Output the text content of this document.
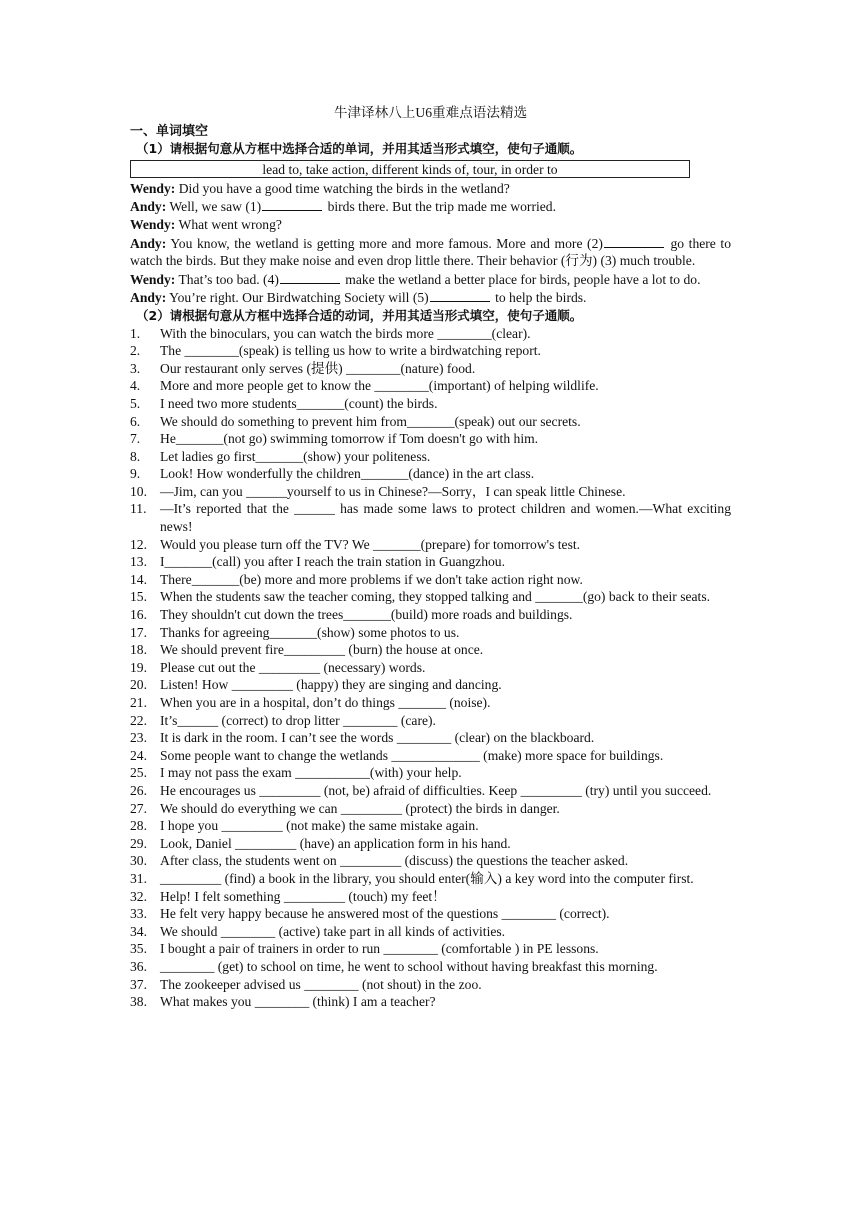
牛津译林八上U6重难点语法精选
一、单词填空
（1）请根据句意从方框中选择合适的单词，并用其适当形式填空，使句子通顺。
lead to, take action, different kinds of, tour, in order to
Wendy: Did you have a good time watching the birds in the wetland?
Andy: Well, we saw (1)	birds there. But the trip made me worried.
Wendy: What went wrong?
Andy: You know, the wetland is getting more and more famous. More and more (2)	go there to watch the birds. But they make noise and even drop little there. Their behavior (行为) (3) much trouble.
Wendy: That’s too bad. (4)	make the wetland a better place for birds, people have a lot to do.
Andy: You’re right. Our Birdwatching Society will (5)	to help the birds.
（2）请根据句意从方框中选择合适的动词，并用其适当形式填空，使句子通顺。
1.	With the binoculars, you can watch the birds more ________(clear).
2.	The ________(speak) is telling us how to write a birdwatching report.
3.	Our restaurant only serves (提供) ________(nature) food.
4.	More and more people get to know the ________(important) of helping wildlife.
5.	I need two more students_______(count) the birds.
6.	We should do something to prevent him from_______(speak) out our secrets.
7.	He_______(not go) swimming tomorrow if Tom doesn't go with him.
8.	Let ladies go first_______(show) your politeness.
9.	Look! How wonderfully the children_______(dance) in the art class.
10. —Jim, can you ______yourself to us in Chinese?—Sorry，I can speak little Chinese.
11. —It’s reported that the ______ has made some laws to protect children and women.—What exciting news!
12. Would you please turn off the TV? We _______(prepare) for tomorrow's test.
13. I_______(call) you after I reach the train station in Guangzhou.
14. There_______(be) more and more problems if we don't take action right now.
15. When the students saw the teacher coming, they stopped talking and _______(go) back to their seats.
16. They shouldn't cut down the trees_______(build) more roads and buildings.
17. Thanks for agreeing_______(show) some photos to us.
18. We should prevent fire_________ (burn) the house at once.
19. Please cut out the _________ (necessary) words.
20. Listen! How _________ (happy) they are singing and dancing.
21. When you are in a hospital, don’t do things _______ (noise).
22. It’s______ (correct) to drop litter ________ (care).
23. It is dark in the room. I can’t see the words ________ (clear) on the blackboard.
24. Some people want to change the wetlands _____________ (make) more space for buildings.
25. I may not pass the exam ___________(with) your help.
26. He encourages us _________ (not, be) afraid of difficulties. Keep _________ (try) until you succeed.
27. We should do everything we can _________ (protect) the birds in danger.
28. I hope you _________ (not make) the same mistake again.
29. Look, Daniel _________ (have) an application form in his hand.
30. After class, the students went on _________ (discuss) the questions the teacher asked.
31. _________ (find) a book in the library, you should enter(输入) a key word into the computer first.
32. Help! I felt something _________ (touch) my feet！
33. He felt very happy because he answered most of the questions ________ (correct).
34. We should ________ (active) take part in all kinds of activities.
35. I bought a pair of trainers in order to run ________ (comfortable ) in PE lessons.
36. ________ (get) to school on time, he went to school without having breakfast this morning.
37. The zookeeper advised us ________ (not shout) in the zoo.
38. What makes you ________ (think) I am a teacher?
